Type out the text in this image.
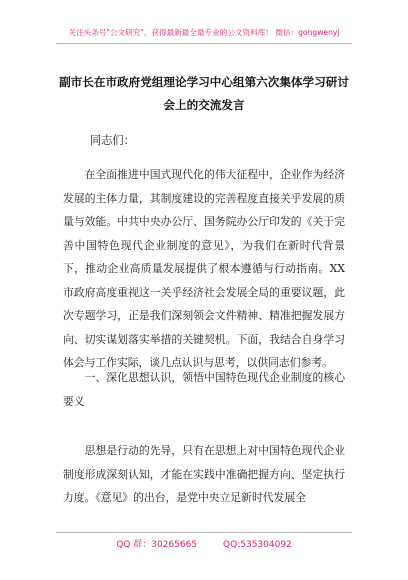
关注头条号"公文研究"，获得最新最全最专业的公文资料库！ 微信：gongwenyj
副市长在市政府党组理论学习中心组第六次集体学习研讨
会上的交流发言
同志们：
在全面推进中国式现代化的伟大征程中，企业作为经济发展的主体力量，其制度建设的完善程度直接关乎发展的质量与效能。中共中央办公厅、国务院办公厅印发的《关于完善中国特色现代企业制度的意见》，为我们在新时代背景下，推动企业高质量发展提供了根本遵循与行动指南。XX市政府高度重视这一关乎经济社会发展全局的重要议题，此次专题学习，正是我们深刻领会文件精神、精准把握发展方向、切实谋划落实举措的关键契机。下面，我结合自身学习体会与工作实际，谈几点认识与思考，以供同志们参考。
一、深化思想认识，领悟中国特色现代企业制度的核心要义
思想是行动的先导，只有在思想上对中国特色现代企业制度形成深刻认知，才能在实践中准确把握方向、坚定执行力度。《意见》的出台，是党中央立足新时代发展全
QQ 群：30265665	QQ:535304092
